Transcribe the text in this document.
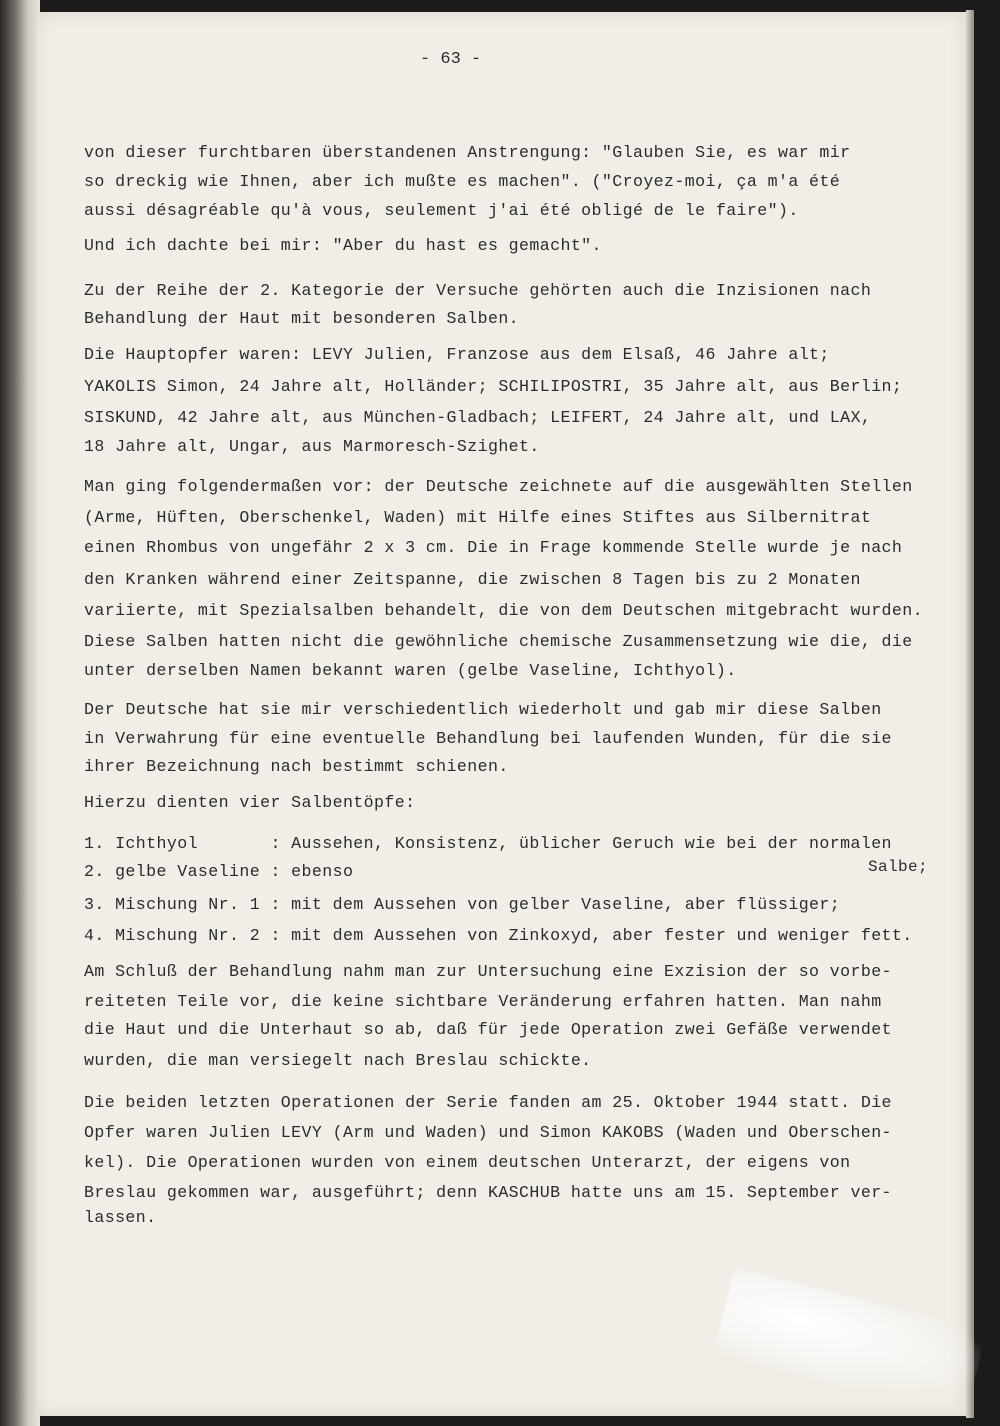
- 63 -
von dieser furchtbaren überstandenen Anstrengung: "Glauben Sie, es war mir
so dreckig wie Ihnen, aber ich mußte es machen". ("Croyez-moi, ça m'a été
aussi désagréable qu'à vous, seulement j'ai été obligé de le faire").
Und ich dachte bei mir: "Aber du hast es gemacht".
Zu der Reihe der 2. Kategorie der Versuche gehörten auch die Inzisionen nach
Behandlung der Haut mit besonderen Salben.
Die Hauptopfer waren: LEVY Julien, Franzose aus dem Elsaß, 46 Jahre alt;
YAKOLIS Simon, 24 Jahre alt, Holländer; SCHILIPOSTRI, 35 Jahre alt, aus Berlin;
SISKUND, 42 Jahre alt, aus München-Gladbach; LEIFERT, 24 Jahre alt, und LAX,
18 Jahre alt, Ungar, aus Marmoresch-Szighet.
Man ging folgendermaßen vor: der Deutsche zeichnete auf die ausgewählten Stellen
(Arme, Hüften, Oberschenkel, Waden) mit Hilfe eines Stiftes aus Silbernitrat
einen Rhombus von ungefähr 2 x 3 cm. Die in Frage kommende Stelle wurde je nach
den Kranken während einer Zeitspanne, die zwischen 8 Tagen bis zu 2 Monaten
variierte, mit Spezialsalben behandelt, die von dem Deutschen mitgebracht wurden.
Diese Salben hatten nicht die gewöhnliche chemische Zusammensetzung wie die, die
unter derselben Namen bekannt waren (gelbe Vaseline, Ichthyol).
Der Deutsche hat sie mir verschiedentlich wiederholt und gab mir diese Salben
in Verwahrung für eine eventuelle Behandlung bei laufenden Wunden, für die sie
ihrer Bezeichnung nach bestimmt schienen.
Hierzu dienten vier Salbentöpfe:
1. Ichthyol       : Aussehen, Konsistenz, üblicher Geruch wie bei der normalen
2. gelbe Vaseline : ebenso
3. Mischung Nr. 1 : mit dem Aussehen von gelber Vaseline, aber flüssiger;
4. Mischung Nr. 2 : mit dem Aussehen von Zinkoxyd, aber fester und weniger fett.
Am Schluß der Behandlung nahm man zur Untersuchung eine Exzision der so vorbe-
reiteten Teile vor, die keine sichtbare Veränderung erfahren hatten. Man nahm
die Haut und die Unterhaut so ab, daß für jede Operation zwei Gefäße verwendet
wurden, die man versiegelt nach Breslau schickte.
Die beiden letzten Operationen der Serie fanden am 25. Oktober 1944 statt. Die
Opfer waren Julien LEVY (Arm und Waden) und Simon KAKOBS (Waden und Oberschen-
kel). Die Operationen wurden von einem deutschen Unterarzt, der eigens von
Breslau gekommen war, ausgeführt; denn KASCHUB hatte uns am 15. September ver-
lassen.
Salbe;
